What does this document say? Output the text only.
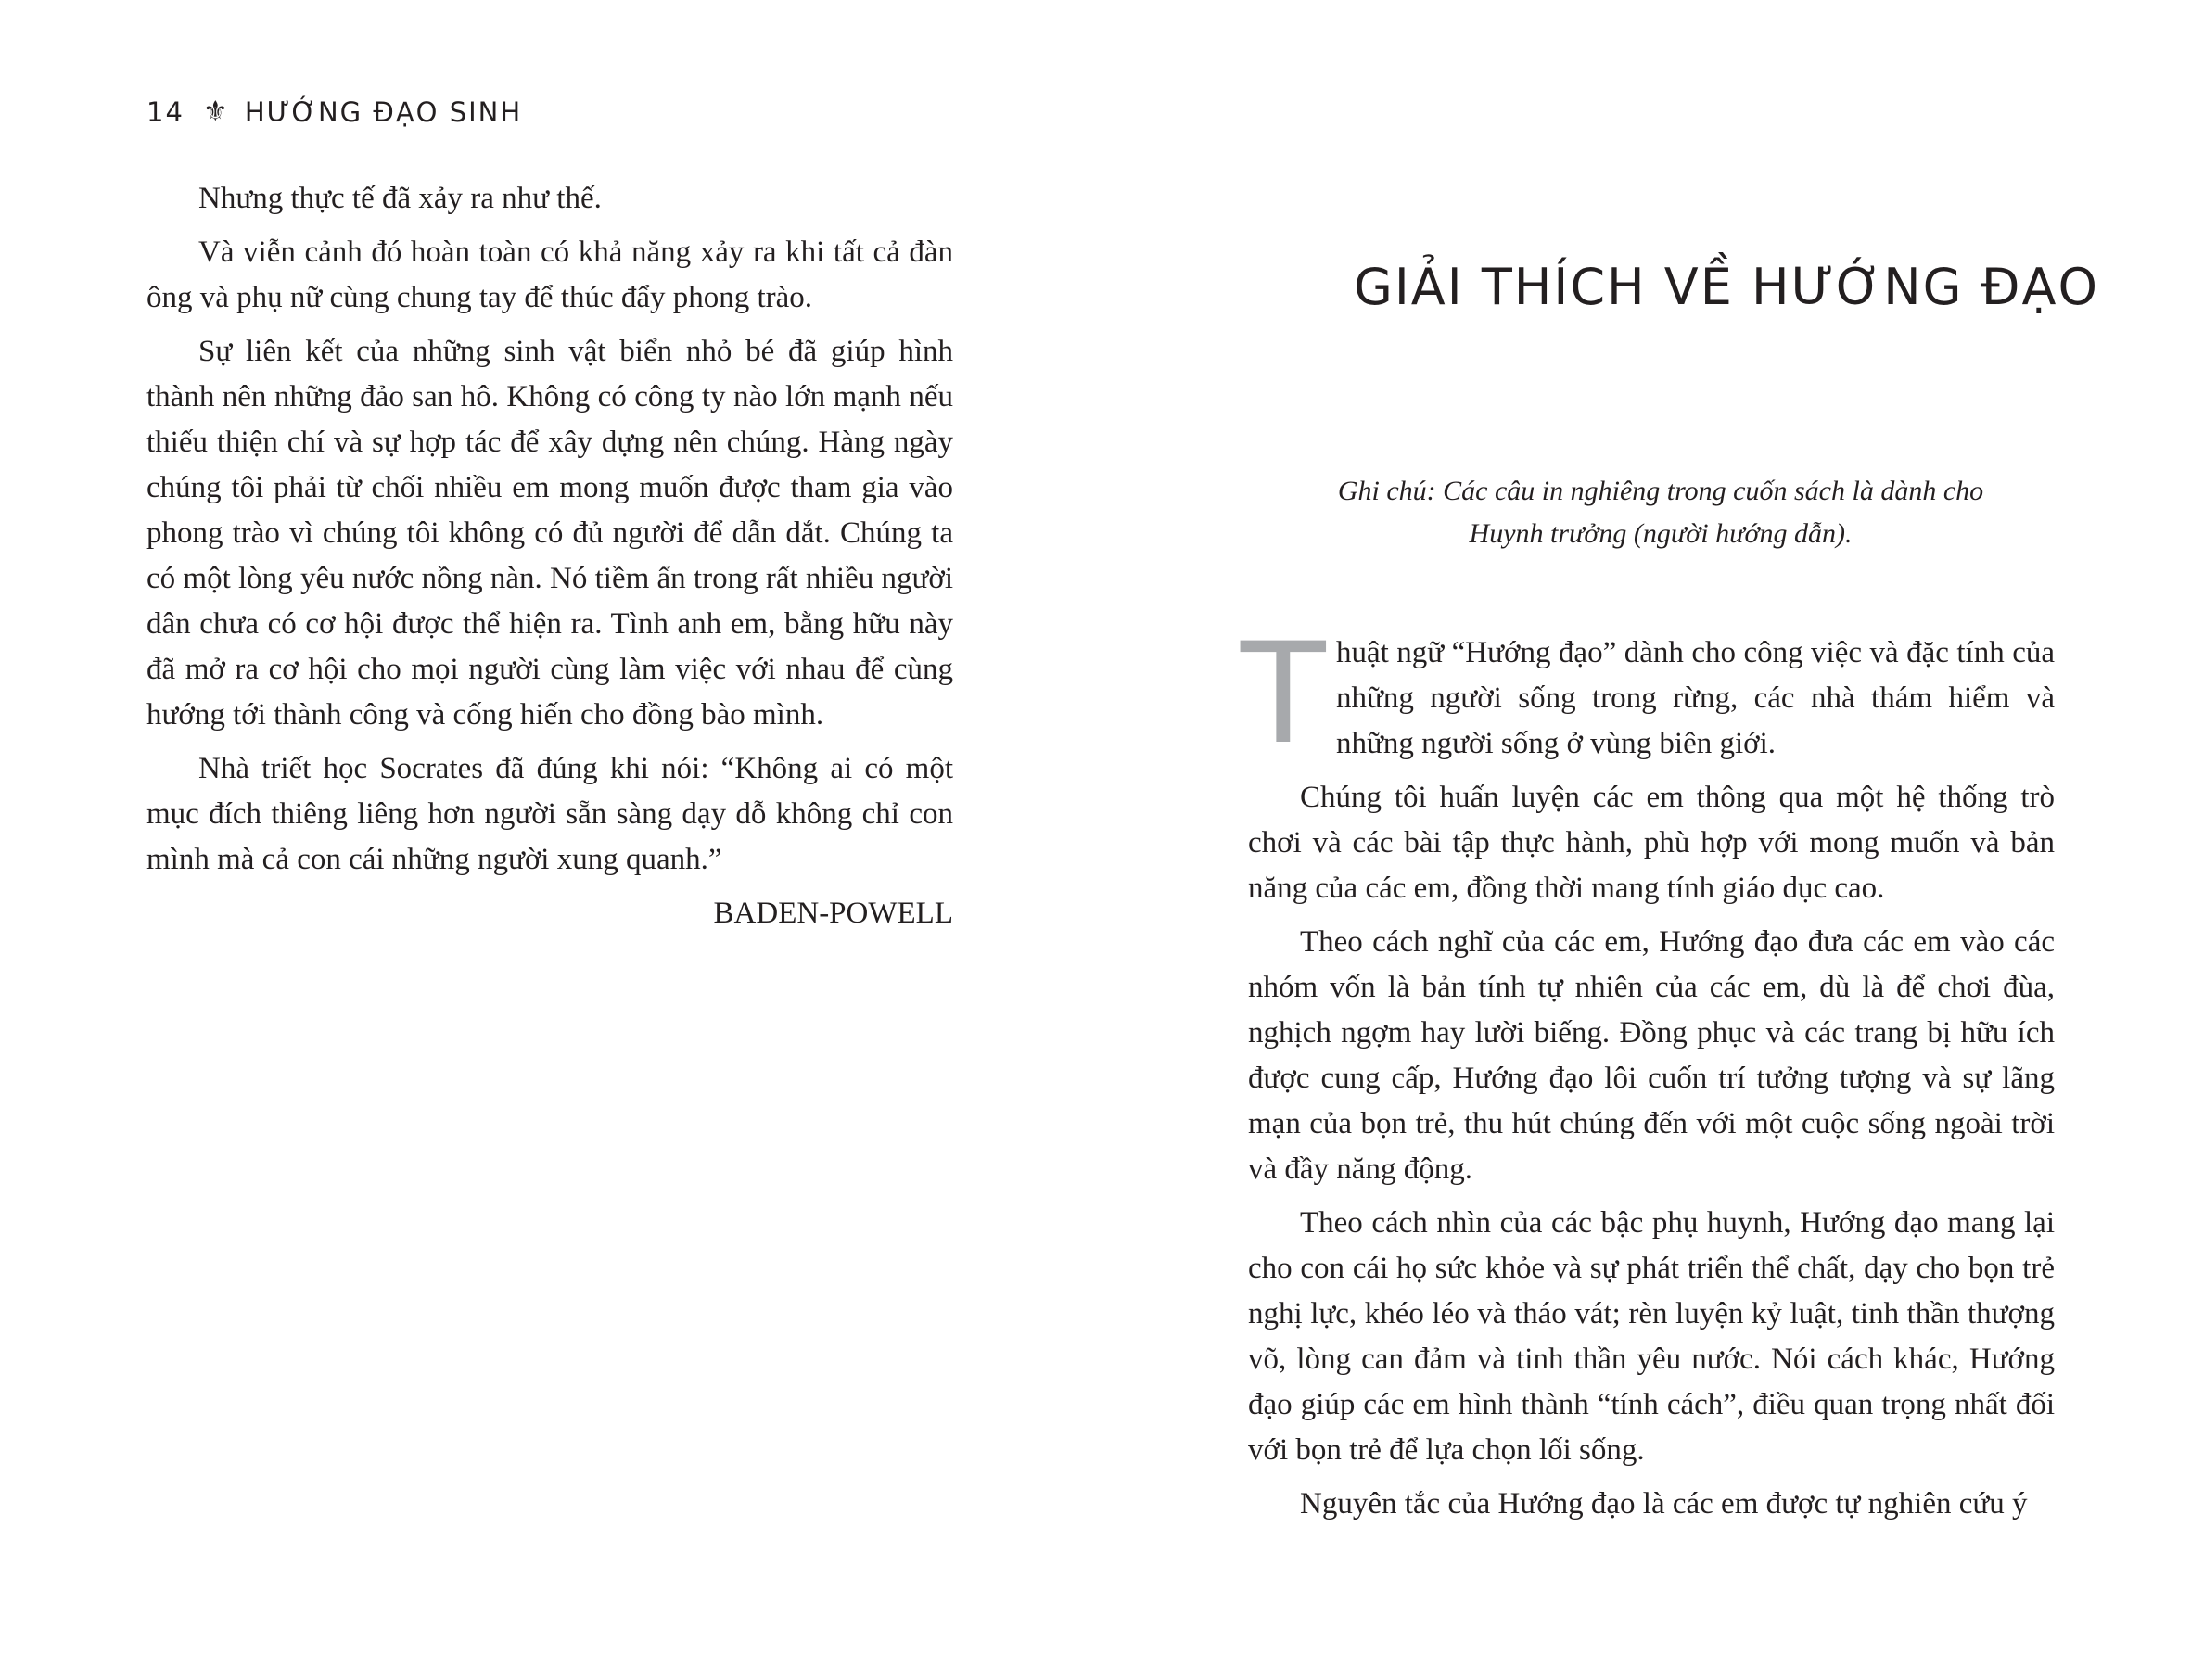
14 ⚜ HƯỚNG ĐẠO SINH

Nhưng thực tế đã xảy ra như thế.

Và viễn cảnh đó hoàn toàn có khả năng xảy ra khi tất cả đàn ông và phụ nữ cùng chung tay để thúc đẩy phong trào.

Sự liên kết của những sinh vật biển nhỏ bé đã giúp hình thành nên những đảo san hô. Không có công ty nào lớn mạnh nếu thiếu thiện chí và sự hợp tác để xây dựng nên chúng. Hàng ngày chúng tôi phải từ chối nhiều em mong muốn được tham gia vào phong trào vì chúng tôi không có đủ người để dẫn dắt. Chúng ta có một lòng yêu nước nồng nàn. Nó tiềm ẩn trong rất nhiều người dân chưa có cơ hội được thể hiện ra. Tình anh em, bằng hữu này đã mở ra cơ hội cho mọi người cùng làm việc với nhau để cùng hướng tới thành công và cống hiến cho đồng bào mình.

Nhà triết học Socrates đã đúng khi nói: “Không ai có một mục đích thiêng liêng hơn người sẵn sàng dạy dỗ không chỉ con mình mà cả con cái những người xung quanh.”

BADEN-POWELL

GIẢI THÍCH VỀ HƯỚNG ĐẠO
Ghi chú: Các câu in nghiêng trong cuốn sách là dành cho
Huynh trưởng (người hướng dẫn).

T huật ngữ “Hướng đạo” dành cho công việc và đặc tính của những người sống trong rừng, các nhà thám hiểm và những người sống ở vùng biên giới.

Chúng tôi huấn luyện các em thông qua một hệ thống trò chơi và các bài tập thực hành, phù hợp với mong muốn và bản năng của các em, đồng thời mang tính giáo dục cao.

Theo cách nghĩ của các em, Hướng đạo đưa các em vào các nhóm vốn là bản tính tự nhiên của các em, dù là để chơi đùa, nghịch ngợm hay lười biếng. Đồng phục và các trang bị hữu ích được cung cấp, Hướng đạo lôi cuốn trí tưởng tượng và sự lãng mạn của bọn trẻ, thu hút chúng đến với một cuộc sống ngoài trời và đầy năng động.

Theo cách nhìn của các bậc phụ huynh, Hướng đạo mang lại cho con cái họ sức khỏe và sự phát triển thể chất, dạy cho bọn trẻ nghị lực, khéo léo và tháo vát; rèn luyện kỷ luật, tinh thần thượng võ, lòng can đảm và tinh thần yêu nước. Nói cách khác, Hướng đạo giúp các em hình thành “tính cách”, điều quan trọng nhất đối với bọn trẻ để lựa chọn lối sống.

Nguyên tắc của Hướng đạo là các em được tự nghiên cứu ý
